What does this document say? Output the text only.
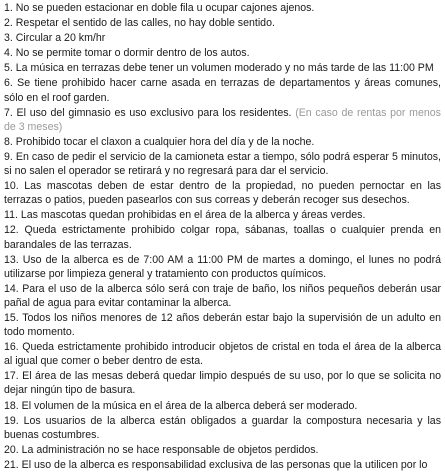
1. No se pueden estacionar en doble fila u ocupar cajones ajenos.

2. Respetar el sentido de las calles, no hay doble sentido.

3. Circular a 20 km/hr

4. No se permite tomar o dormir dentro de los autos.

5. La música en terrazas debe tener un volumen moderado y no más tarde de las 11:00 PM

6. Se tiene prohibido hacer carne asada en terrazas de departamentos y áreas comunes, sólo en el roof garden.

7. El uso del gimnasio es uso exclusivo para los residentes. (En caso de rentas por menos de 3 meses)

8. Prohibido tocar el claxon a cualquier hora del día y de la noche.

9. En caso de pedir el servicio de la camioneta estar a tiempo, sólo podrá esperar 5 minutos, si no salen el operador se retirará y no regresará para dar el servicio.

10. Las mascotas deben de estar dentro de la propiedad, no pueden pernoctar en las terrazas o patios, pueden pasearlos con sus correas y deberán recoger sus desechos.

11. Las mascotas quedan prohibidas en el área de la alberca y áreas verdes.

12. Queda estrictamente prohibido colgar ropa, sábanas, toallas o cualquier prenda en barandales de las terrazas.

13. Uso de la alberca es de 7:00 AM a 11:00 PM de martes a domingo, el lunes no podrá utilizarse por limpieza general y tratamiento con productos químicos.

14. Para el uso de la alberca sólo será con traje de baño, los niños pequeños deberán usar pañal de agua para evitar contaminar la alberca.

15. Todos los niños menores de 12 años deberán estar bajo la supervisión de un adulto en todo momento.

16. Queda estrictamente prohibido introducir objetos de cristal en toda el área de la alberca al igual que comer o beber dentro de esta.

17. El área de las mesas deberá quedar limpio después de su uso, por lo que se solicita no dejar ningún tipo de basura.

18. El volumen de la música en el área de la alberca deberá ser moderado.

19. Los usuarios de la alberca están obligados a guardar la compostura necesaria y las buenas costumbres.

20. La administración no se hace responsable de objetos perdidos.

21. El uso de la alberca es responsabilidad exclusiva de las personas que la utilicen por lo
